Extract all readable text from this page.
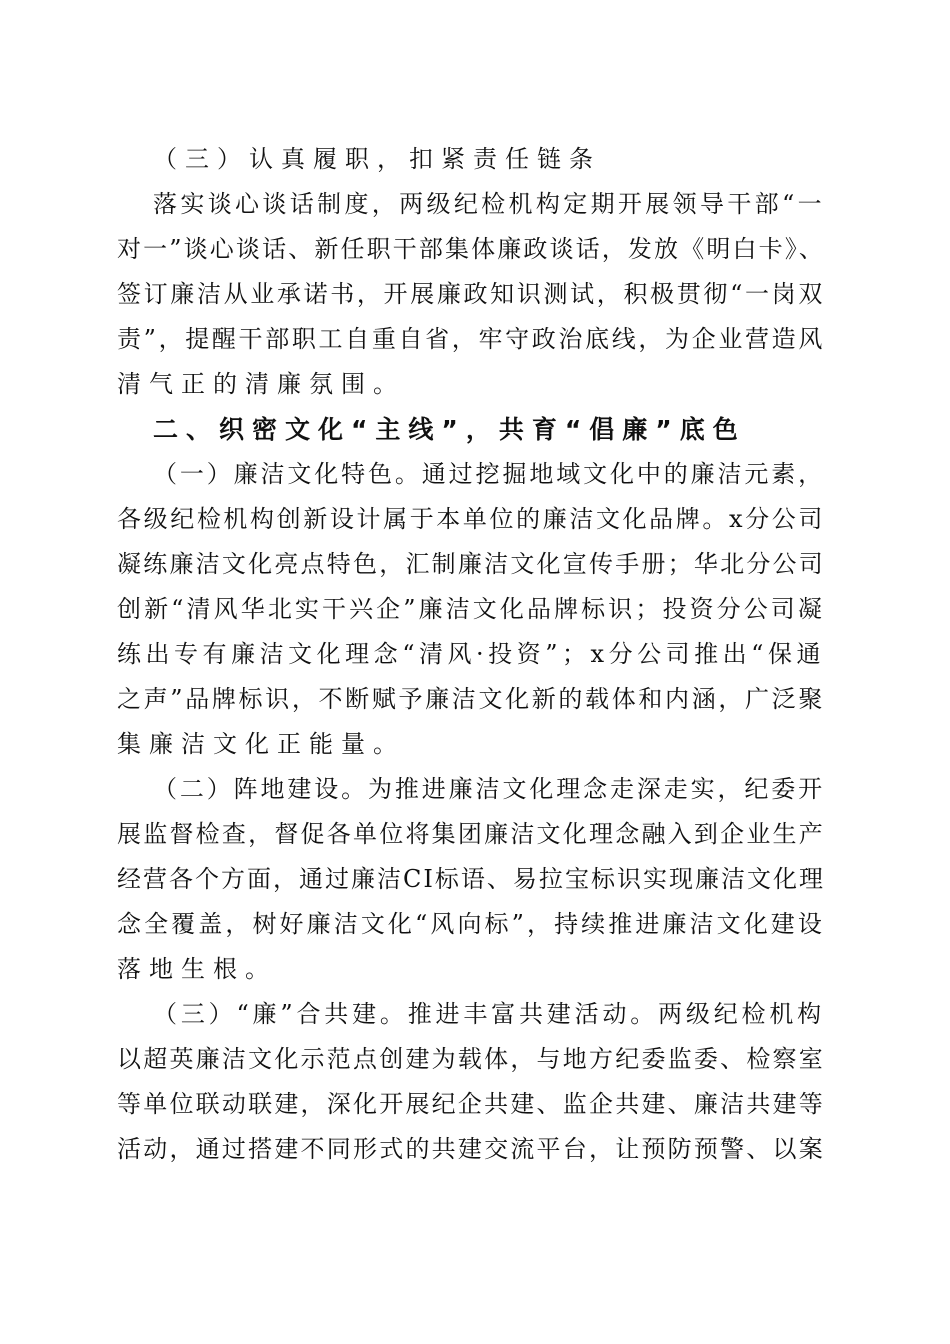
（三）认真履职，扣紧责任链条
落实谈心谈话制度，两级纪检机构定期开展领导干部“一
对一”谈心谈话、新任职干部集体廉政谈话，发放《明白卡》、
签订廉洁从业承诺书，开展廉政知识测试，积极贯彻“一岗双
责”，提醒干部职工自重自省，牢守政治底线，为企业营造风
清气正的清廉氛围。
二、织密文化“主线”，共育“倡廉”底色
（一）廉洁文化特色。通过挖掘地域文化中的廉洁元素，
各级纪检机构创新设计属于本单位的廉洁文化品牌。x分公司
凝练廉洁文化亮点特色，汇制廉洁文化宣传手册；华北分公司
创新“清风华北实干兴企”廉洁文化品牌标识；投资分公司凝
练出专有廉洁文化理念“清风·投资”；x分公司推出“保通
之声”品牌标识，不断赋予廉洁文化新的载体和内涵，广泛聚
集廉洁文化正能量。
（二）阵地建设。为推进廉洁文化理念走深走实，纪委开
展监督检查，督促各单位将集团廉洁文化理念融入到企业生产
经营各个方面，通过廉洁CI标语、易拉宝标识实现廉洁文化理
念全覆盖，树好廉洁文化“风向标”，持续推进廉洁文化建设
落地生根。
（三）“廉”合共建。推进丰富共建活动。两级纪检机构
以超英廉洁文化示范点创建为载体，与地方纪委监委、检察室
等单位联动联建，深化开展纪企共建、监企共建、廉洁共建等
活动，通过搭建不同形式的共建交流平台，让预防预警、以案
